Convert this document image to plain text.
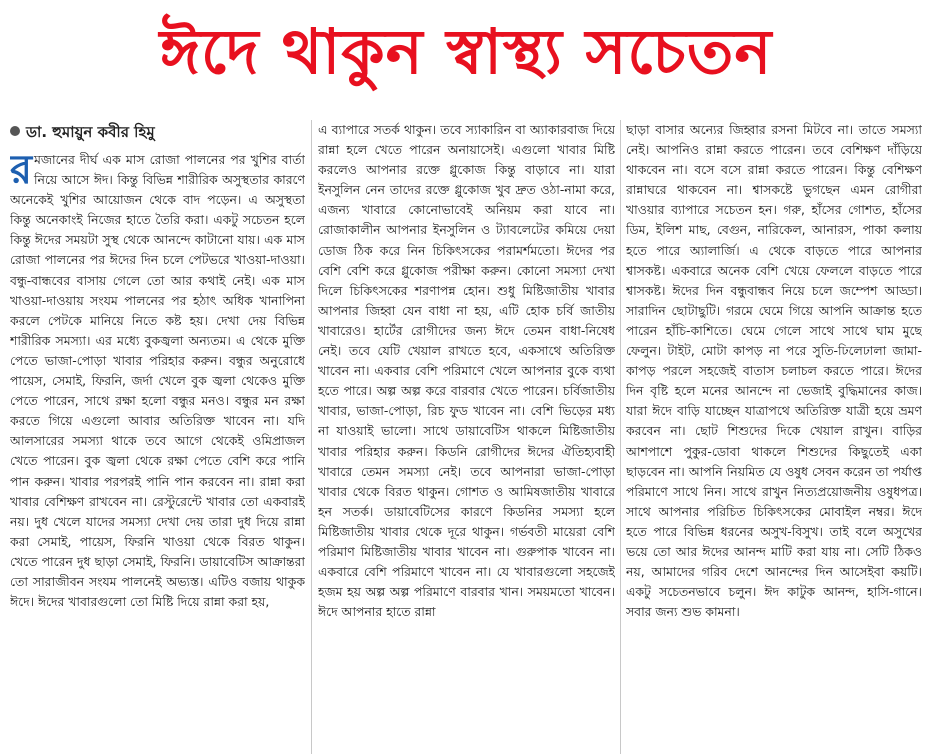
ঈদে থাকুন স্বাস্থ্য সচেতন
ডা. হুমায়ুন কবীর হিমু

রমজানের দীর্ঘ এক মাস রোজা পালনের পর খুশির বার্তা নিয়ে আসে ঈদ। কিন্তু বিভিন্ন শারীরিক অসুস্থতার কারণে অনেকেই খুশির আয়োজন থেকে বাদ পড়েন। এ অসুস্থতা কিন্তু অনেকাংই নিজের হাতে তৈরি করা। একটু সচেতন হলে কিন্তু ঈদের সময়টা সুস্থ থেকে আনন্দে কাটানো যায়। এক মাস রোজা পালনের পর ঈদের দিন চলে পেটভরে খাওয়া-দাওয়া। বন্ধু-বান্ধবের বাসায় গেলে তো আর কথাই নেই। এক মাস খাওয়া-দাওয়ায় সংযম পালনের পর হঠাৎ অধিক খানাপিনা করলে পেটকে মানিয়ে নিতে কষ্ট হয়। দেখা দেয় বিভিন্ন শারীরিক সমস্যা। এর মধ্যে বুকজ্বলা অন্যতম। এ থেকে মুক্তি পেতে ভাজা-পোড়া খাবার পরিহার করুন। বন্ধুর অনুরোধে পায়েস, সেমাই, ফিরনি, জর্দা খেলে বুক জ্বলা থেকেও মুক্তি পেতে পারেন, সাথে রক্ষা হলো বন্ধুর মনও। বন্ধুর মন রক্ষা করতে গিয়ে এগুলো আবার অতিরিক্ত খাবেন না। যদি আলসারের সমস্যা থাকে তবে আগে থেকেই ওমিপ্রাজল খেতে পারেন। বুক জ্বলা থেকে রক্ষা পেতে বেশি করে পানি পান করুন। খাবার পরপরই পানি পান করবেন না। রান্না করা খাবার বেশিক্ষণ রাখবেন না। রেস্টুরেন্টে খাবার তো একবারই নয়। দুধ খেলে যাদের সমস্যা দেখা দেয় তারা দুধ দিয়ে রান্না করা সেমাই, পায়েস, ফিরনি খাওয়া থেকে বিরত থাকুন। খেতে পারেন দুধ ছাড়া সেমাই, ফিরনি। ডায়াবেটিস আক্রান্তরা তো সারাজীবন সংযম পালনেই অভ্যস্ত। এটিও বজায় থাকুক ঈদে। ঈদের খাবারগুলো তো মিষ্টি দিয়ে রান্না করা হয়,

এ ব্যাপারে সতর্ক থাকুন। তবে স্যাকারিন বা অ্যাকারবাজ দিয়ে রান্না হলে খেতে পারেন অনায়াসেই। এগুলো খাবার মিষ্টি করলেও আপনার রক্তে গ্লুকোজ কিন্তু বাড়াবে না। যারা ইনসুলিন নেন তাদের রক্তে গ্লুকোজ খুব দ্রুত ওঠা-নামা করে, এজন্য খাবারে কোনোভাবেই অনিয়ম করা যাবে না। রোজাকালীন আপনার ইনসুলিন ও ট্যাবলেটের কমিয়ে দেয়া ডোজ ঠিক করে নিন চিকিৎসকের পরামর্শমতো। ঈদের পর বেশি বেশি করে গ্লুকোজ পরীক্ষা করুন। কোনো সমস্যা দেখা দিলে চিকিৎসকের শরণাপন্ন হোন। শুধু মিষ্টিজাতীয় খাবার আপনার জিহ্বা যেন বাধা না হয়, এটি হোক চর্বি জাতীয় খাবারেও। হার্টের রোগীদের জন্য ঈদে তেমন বাধা-নিষেধ নেই। তবে যেটি খেয়াল রাখতে হবে, একসাথে অতিরিক্ত খাবেন না। একবার বেশি পরিমাণে খেলে আপনার বুকে ব্যথা হতে পারে। অল্প অল্প করে বারবার খেতে পারেন। চর্বিজাতীয় খাবার, ভাজা-পোড়া, রিচ ফুড খাবেন না। বেশি ভিড়ের মধ্য না যাওয়াই ভালো। সাথে ডায়াবেটিস থাকলে মিষ্টিজাতীয় খাবার পরিহার করুন। কিডনি রোগীদের ঈদের ঐতিহ্যবাহী খাবারে তেমন সমস্যা নেই। তবে আপনারা ভাজা-পোড়া খাবার থেকে বিরত থাকুন। গোশত ও আমিষজাতীয় খাবারে হন সতর্ক। ডায়াবেটিসের কারণে কিডনির সমস্যা হলে মিষ্টিজাতীয় খাবার থেকে দূরে থাকুন। গর্ভবতী মায়েরা বেশি পরিমাণ মিষ্টিজাতীয় খাবার খাবেন না। গুরুপাক খাবেন না। একবারে বেশি পরিমাণে খাবেন না। যে খাবারগুলো সহজেই হজম হয় অল্প অল্প পরিমাণে বারবার খান। সময়মতো খাবেন। ঈদে আপনার হাতে রান্না

ছাড়া বাসার অন্যের জিহ্বার রসনা মিটবে না। তাতে সমস্যা নেই। আপনিও রান্না করতে পারেন। তবে বেশিক্ষণ দাঁড়িয়ে থাকবেন না। বসে বসে রান্না করতে পারেন। কিন্তু বেশিক্ষণ রান্নাঘরে থাকবেন না। শ্বাসকষ্টে ভুগছেন এমন রোগীরা খাওয়ার ব্যাপারে সচেতন হন। গরু, হাঁসের গোশত, হাঁসের ডিম, ইলিশ মাছ, বেগুন, নারিকেল, আনারস, পাকা কলায় হতে পারে অ্যালার্জি। এ থেকে বাড়তে পারে আপনার শ্বাসকষ্ট। একবারে অনেক বেশি খেয়ে ফেললে বাড়তে পারে শ্বাসকষ্ট। ঈদের দিন বন্ধুবান্ধব নিয়ে চলে জম্পেশ আড্ডা। সারাদিন ছোটাছুটি। গরমে ঘেমে গিয়ে আপনি আক্রান্ত হতে পারেন হাঁচি-কাশিতে। ঘেমে গেলে সাথে সাথে ঘাম মুছে ফেলুন। টাইট, মোটা কাপড় না পরে সুতি-ঢিলেঢালা জামা-কাপড় পরলে সহজেই বাতাস চলাচল করতে পারে। ঈদের দিন বৃষ্টি হলে মনের আনন্দে না ভেজাই বুদ্ধিমানের কাজ। যারা ঈদে বাড়ি যাচ্ছেন যাত্রাপথে অতিরিক্ত যাত্রী হয়ে ভ্রমণ করবেন না। ছোট শিশুদের দিকে খেয়াল রাখুন। বাড়ির আশপাশে পুকুর-ডোবা থাকলে শিশুদের কিছুতেই একা ছাড়বেন না। আপনি নিয়মিত যে ওষুধ সেবন করেন তা পর্যাপ্ত পরিমাণে সাথে নিন। সাথে রাখুন নিত্যপ্রয়োজনীয় ওষুধপত্র। সাথে আপনার পরিচিত চিকিৎসকের মোবাইল নম্বর। ঈদে হতে পারে বিভিন্ন ধরনের অসুখ-বিসুখ। তাই বলে অসুখের ভয়ে তো আর ঈদের আনন্দ মাটি করা যায় না। সেটি ঠিকও নয়, আমাদের গরিব দেশে আনন্দের দিন আসেইবা কয়টি। একটু সচেতনভাবে চলুন। ঈদ কাটুক আনন্দ, হাসি-গানে। সবার জন্য শুভ কামনা।
